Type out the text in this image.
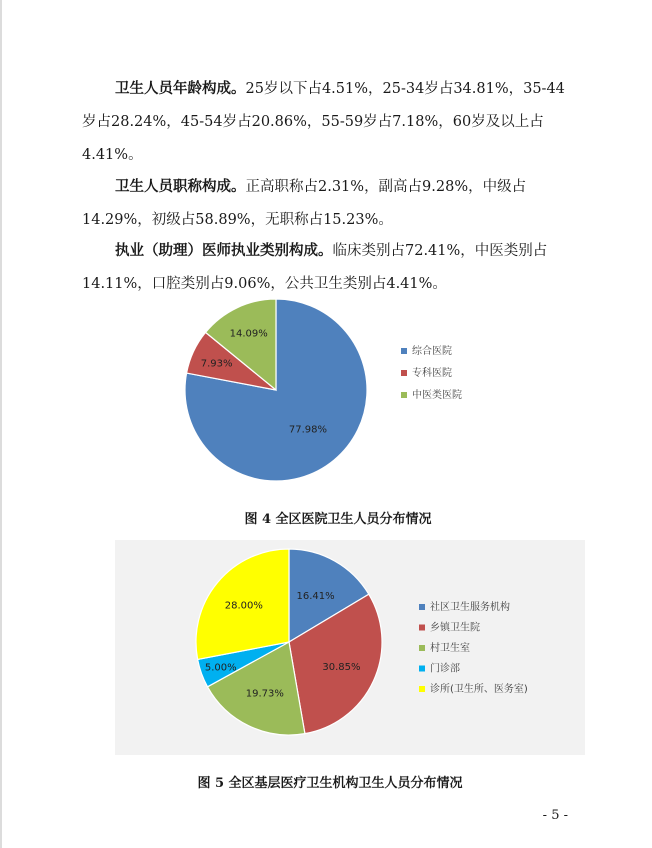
卫生人员年龄构成。25岁以下占4.51%，25-34岁占34.81%，35-44岁占28.24%，45-54岁占20.86%，55-59岁占7.18%，60岁及以上占4.41%。

卫生人员职称构成。正高职称占2.31%，副高占9.28%，中级占14.29%，初级占58.89%，无职称占15.23%。

执业（助理）医师执业类别构成。临床类别占72.41%，中医类别占14.11%，口腔类别占9.06%，公共卫生类别占4.41%。

77.98%
7.93%
14.09%
综合医院
专科医院
中医类医院
图 4 全区医院卫生人员分布情况
16.41%
30.85%
19.73%
5.00%
28.00%	社区卫生服务机构
乡镇卫生院
村卫生室
门诊部
诊所(卫生所、医务室)
图 5 全区基层医疗卫生机构卫生人员分布情况
- 5 -
